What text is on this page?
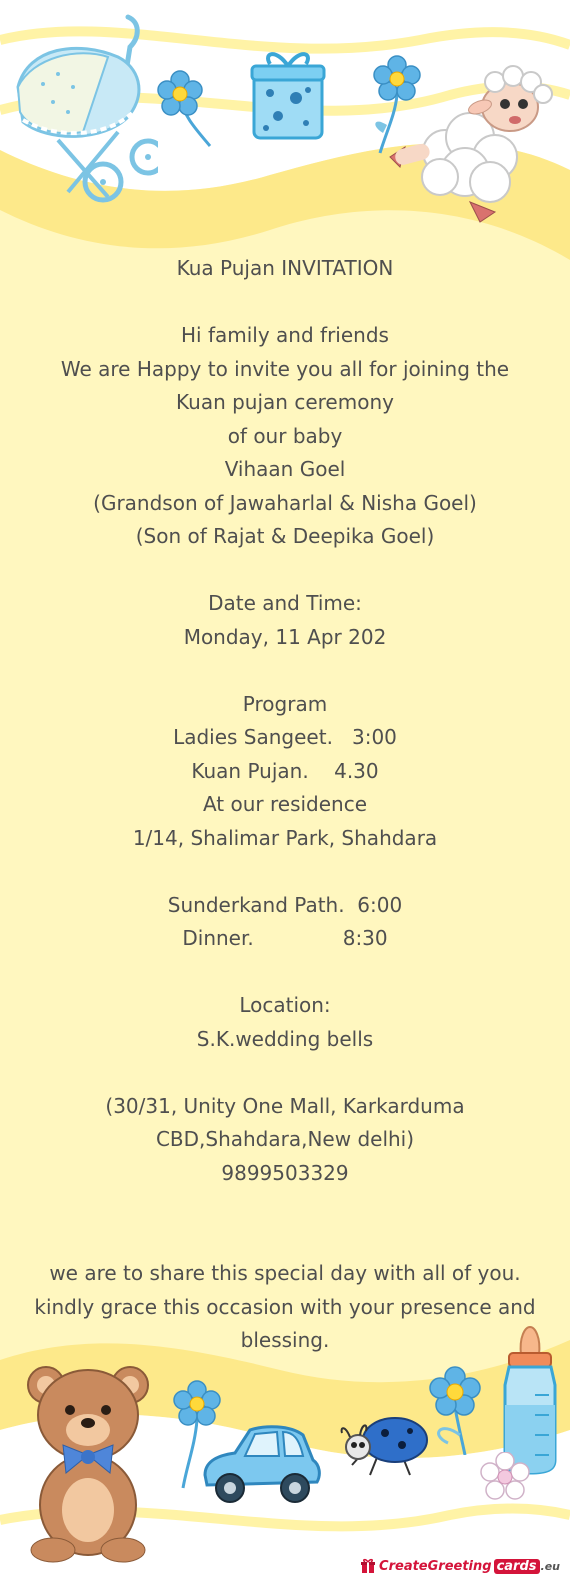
Kua Pujan INVITATION
Hi family and friends
We are Happy to invite you all for joining the
Kuan pujan ceremony
of our baby
Vihaan Goel
(Grandson of Jawaharlal & Nisha Goel)
(Son of Rajat & Deepika Goel)
Date and Time:
Monday, 11 Apr 202
Program
Ladies Sangeet.   3:00
Kuan Pujan.    4.30
At our residence
1/14, Shalimar Park, Shahdara
Sunderkand Path.  6:00
Dinner.              8:30
Location:
S.K.wedding bells
(30/31, Unity One Mall, Karkarduma
CBD,Shahdara,New delhi)
9899503329
we are to share this special day with all of you.
kindly grace this occasion with your presence and
blessing.
CreateGreeting cards .eu
